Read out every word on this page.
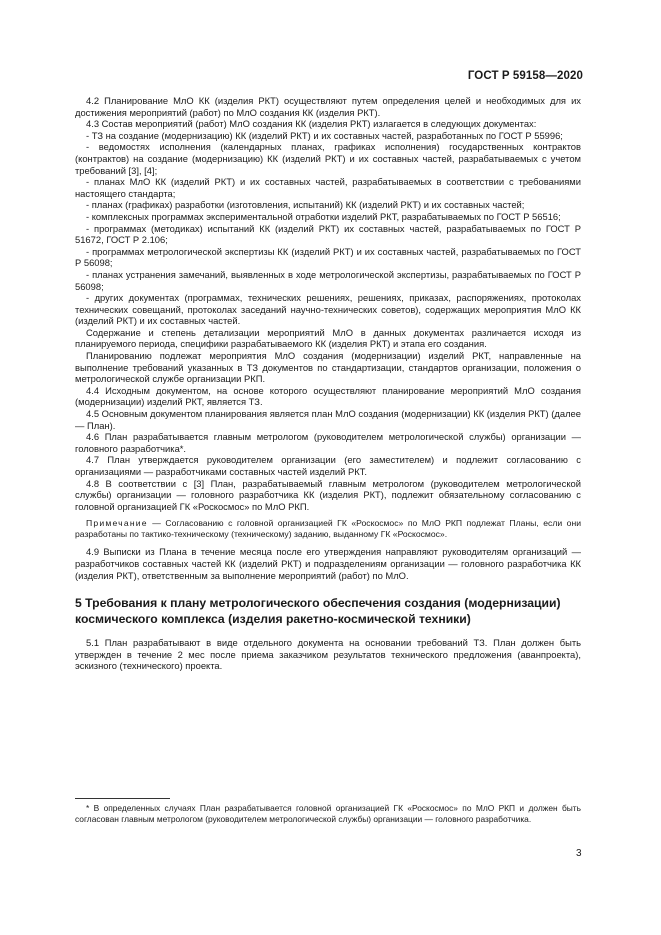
ГОСТ Р 59158—2020

4.2 Планирование МлО КК (изделия РКТ) осуществляют путем определения целей и необходимых для их достижения мероприятий (работ) по МлО создания КК (изделия РКТ).

4.3 Состав мероприятий (работ) МлО создания КК (изделия РКТ) излагается в следующих документах:

- ТЗ на создание (модернизацию) КК (изделий РКТ) и их составных частей, разработанных по ГОСТ Р 55996;

- ведомостях исполнения (календарных планах, графиках исполнения) государственных контрактов (контрактов) на создание (модернизацию) КК (изделий РКТ) и их составных частей, разрабатываемых с учетом требований [3], [4];

- планах МлО КК (изделий РКТ) и их составных частей, разрабатываемых в соответствии с требованиями настоящего стандарта;

- планах (графиках) разработки (изготовления, испытаний) КК (изделий РКТ) и их составных частей;

- комплексных программах экспериментальной отработки изделий РКТ, разрабатываемых по ГОСТ Р 56516;

- программах (методиках) испытаний КК (изделий РКТ) их составных частей, разрабатываемых по ГОСТ Р 51672, ГОСТ Р 2.106;

- программах метрологической экспертизы КК (изделий РКТ) и их составных частей, разрабатываемых по ГОСТ Р 56098;

- планах устранения замечаний, выявленных в ходе метрологической экспертизы, разрабатываемых по ГОСТ Р 56098;

- других документах (программах, технических решениях, решениях, приказах, распоряжениях, протоколах технических совещаний, протоколах заседаний научно-технических советов), содержащих мероприятия МлО КК (изделий РКТ) и их составных частей.

Содержание и степень детализации мероприятий МлО в данных документах различается исходя из планируемого периода, специфики разрабатываемого КК (изделия РКТ) и этапа его создания.

Планированию подлежат мероприятия МлО создания (модернизации) изделий РКТ, направленные на выполнение требований указанных в ТЗ документов по стандартизации, стандартов организации, положения о метрологической службе организации РКП.

4.4 Исходным документом, на основе которого осуществляют планирование мероприятий МлО создания (модернизации) изделий РКТ, является ТЗ.

4.5 Основным документом планирования является план МлО создания (модернизации) КК (изделия РКТ) (далее — План).

4.6 План разрабатывается главным метрологом (руководителем метрологической службы) организации — головного разработчика*.

4.7 План утверждается руководителем организации (его заместителем) и подлежит согласованию с организациями — разработчиками составных частей изделий РКТ.

4.8 В соответствии с [3] План, разрабатываемый главным метрологом (руководителем метрологической службы) организации — головного разработчика КК (изделия РКТ), подлежит обязательному согласованию с головной организацией ГК «Роскосмос» по МлО РКП.

Примечание — Согласованию с головной организацией ГК «Роскосмос» по МлО РКП подлежат Планы, если они разработаны по тактико-техническому (техническому) заданию, выданному ГК «Роскосмос».

4.9 Выписки из Плана в течение месяца после его утверждения направляют руководителям организаций — разработчиков составных частей КК (изделий РКТ) и подразделениям организации — головного разработчика КК (изделия РКТ), ответственным за выполнение мероприятий (работ) по МлО.

5 Требования к плану метрологического обеспечения создания (модернизации) космического комплекса (изделия ракетно-космической техники)

5.1 План разрабатывают в виде отдельного документа на основании требований ТЗ. План должен быть утвержден в течение 2 мес после приема заказчиком результатов технического предложения (аванпроекта), эскизного (технического) проекта.

* В определенных случаях План разрабатывается головной организацией ГК «Роскосмос» по МлО РКП и должен быть согласован главным метрологом (руководителем метрологической службы) организации — головного разработчика.
3
